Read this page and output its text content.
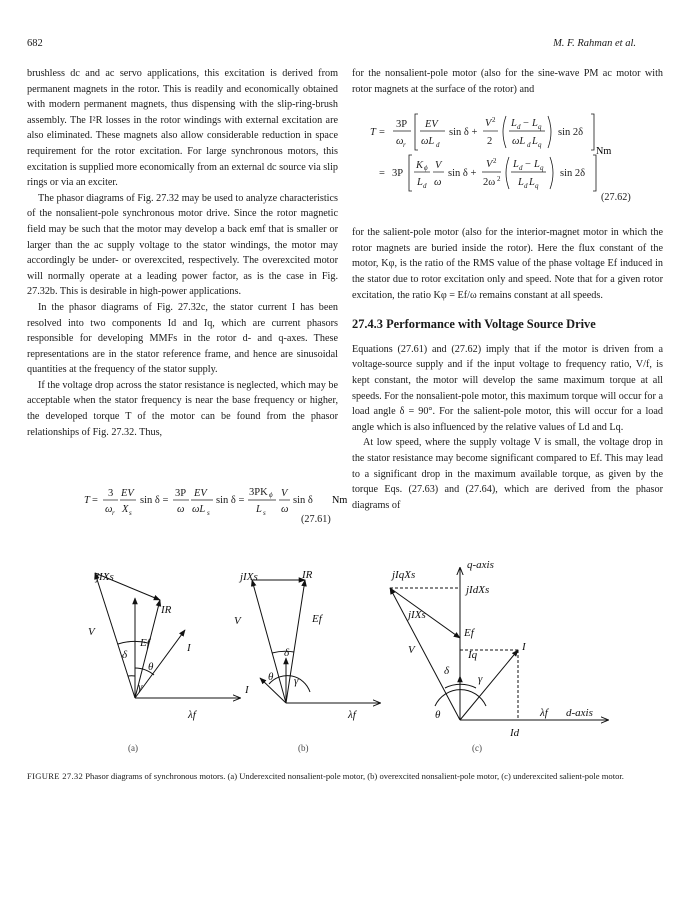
682	M. F. Rahman et al.

brushless dc and ac servo applications, this excitation is derived from permanent magnets in the rotor. This is readily and economically obtained with modern permanent magnets, thus dispensing with the slip-ring-brush assembly. The I²R losses in the rotor windings with external excitation are also eliminated. These magnets also allow considerable reduction in space requirement for the rotor excitation. For large synchronous motors, this excitation is supplied more economically from an external dc source via slip rings or via an exciter.

The phasor diagrams of Fig. 27.32 may be used to analyze characteristics of the nonsalient-pole synchronous motor drive. Since the rotor magnetic field may be such that the motor may develop a back emf that is smaller or larger than the ac supply voltage to the stator windings, the motor may accordingly be under- or overexcited, respectively. The overexcited motor will normally operate at a leading power factor, as is the case in Fig. 27.32b. This is desirable in high-power applications.

In the phasor diagrams of Fig. 27.32c, the stator current I has been resolved into two components Id and Iq, which are current phasors responsible for developing MMFs in the rotor d- and q-axes. These representations are in the stator reference frame, and hence are sinusoidal quantities at the frequency of the stator supply.

If the voltage drop across the stator resistance is neglected, which may be acceptable when the stator frequency is near the base frequency or higher, the developed torque T of the motor can be found from the phasor relationships of Fig. 27.32. Thus,

T =
3
ω r
EV
X s
sin δ =
3P
ω
EV
ωL s
sin δ =
3PK ϕ
L s
V
ω
sin δ Nm
(27.61)

for the nonsalient-pole motor (also for the sine-wave PM ac motor with rotor magnets at the surface of the rotor) and

for the salient-pole motor (also for the interior-magnet motor in which the rotor magnets are buried inside the rotor). Here the flux constant of the motor, Kφ, is the ratio of the RMS value of the phase voltage Ef induced in the stator due to rotor excitation only and speed. Note that for a given rotor excitation, the ratio Kφ = Ef/ω remains constant at all speeds.

27.4.3 Performance with Voltage Source Drive

Equations (27.61) and (27.62) imply that if the motor is driven from a voltage-source supply and if the input voltage to frequency ratio, V/f, is kept constant, the motor will develop the same maximum torque at all speeds. For the nonsalient-pole motor, this maximum torque will occur for a load angle δ = 90°. For the salient-pole motor, this will occur for a load angle which is also influenced by the relative values of Ld and Lq.

At low speed, where the supply voltage V is small, the voltage drop in the stator resistance may become significant compared to Ef. This may lead to a significant drop in the maximum available torque, as given by the torque Eqs. (27.63) and (27.64), which are derived from the phasor diagrams of

T =
3P
ω r
EV
ωL d
sin δ +
V 2
2
L d − L q
ωL d L q
sin 2δ
= 3P
K ϕ
L d
V
ω
sin δ +
V 2
2ω 2
L d − L q
L d L q
sin 2δ
Nm
(27.62)
jIXs
IR
V
Ef	I
δ
θ
γ
λf
jIXs	IR
V	Ef
I
δ
θ γ
λf
jIqXs
jIdXs
jIXs
q-axis
Ef
Iq
I
V
δ
γ
θ	λf d-axis
Id
(a)	(b)	(c)
FIGURE 27.32 Phasor diagrams of synchronous motors. (a) Underexcited nonsalient-pole motor, (b) overexcited nonsalient-pole motor, (c) underexcited salient-pole motor.
